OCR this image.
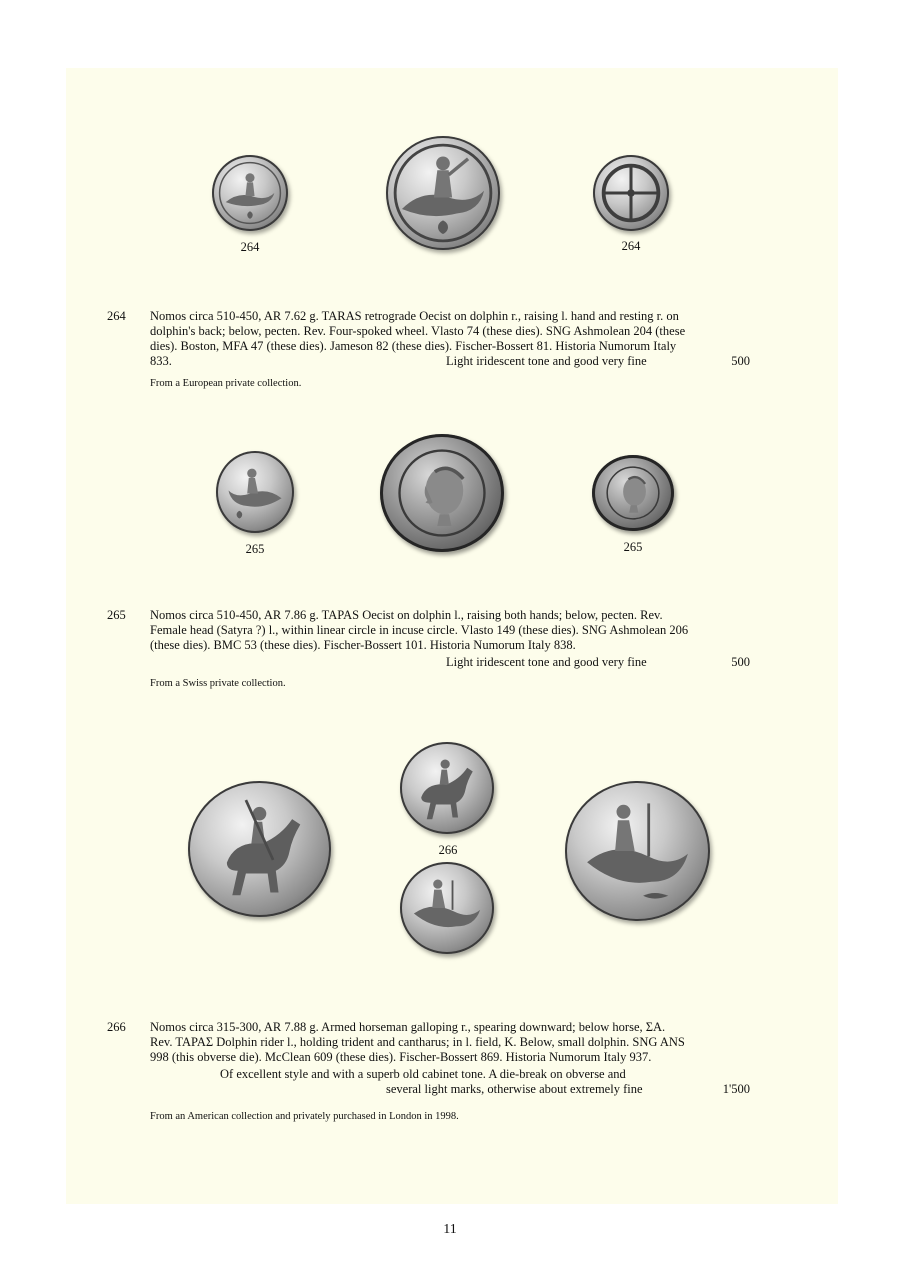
264	264
264 Nomos circa 510-450, AR 7.62 g. TARAS retrograde Oecist on dolphin r., raising l. hand and resting r. on

dolphin's back; below, pecten. Rev. Four-spoked wheel. Vlasto 74 (these dies). SNG Ashmolean 204 (these

dies). Boston, MFA 47 (these dies). Jameson 82 (these dies). Fischer-Bossert 81. Historia Numorum Italy

833.	Light iridescent tone and good very fine	500
From a European private collection.
265	265
265 Nomos circa 510-450, AR 7.86 g. TAPAS Oecist on dolphin l., raising both hands; below, pecten. Rev.

Female head (Satyra ?) l., within linear circle in incuse circle. Vlasto 149 (these dies). SNG Ashmolean 206

(these dies). BMC 53 (these dies). Fischer-Bossert 101. Historia Numorum Italy 838.

Light iridescent tone and good very fine	500
From a Swiss private collection.
266
266 Nomos circa 315-300, AR 7.88 g. Armed horseman galloping r., spearing downward; below horse, ΣA.

Rev. TAPAΣ Dolphin rider l., holding trident and cantharus; in l. field, K. Below, small dolphin. SNG ANS

998 (this obverse die). McClean 609 (these dies). Fischer-Bossert 869. Historia Numorum Italy 937.

Of excellent style and with a superb old cabinet tone. A die-break on obverse and
several light marks, otherwise about extremely fine	1'500
From an American collection and privately purchased in London in 1998.
11
